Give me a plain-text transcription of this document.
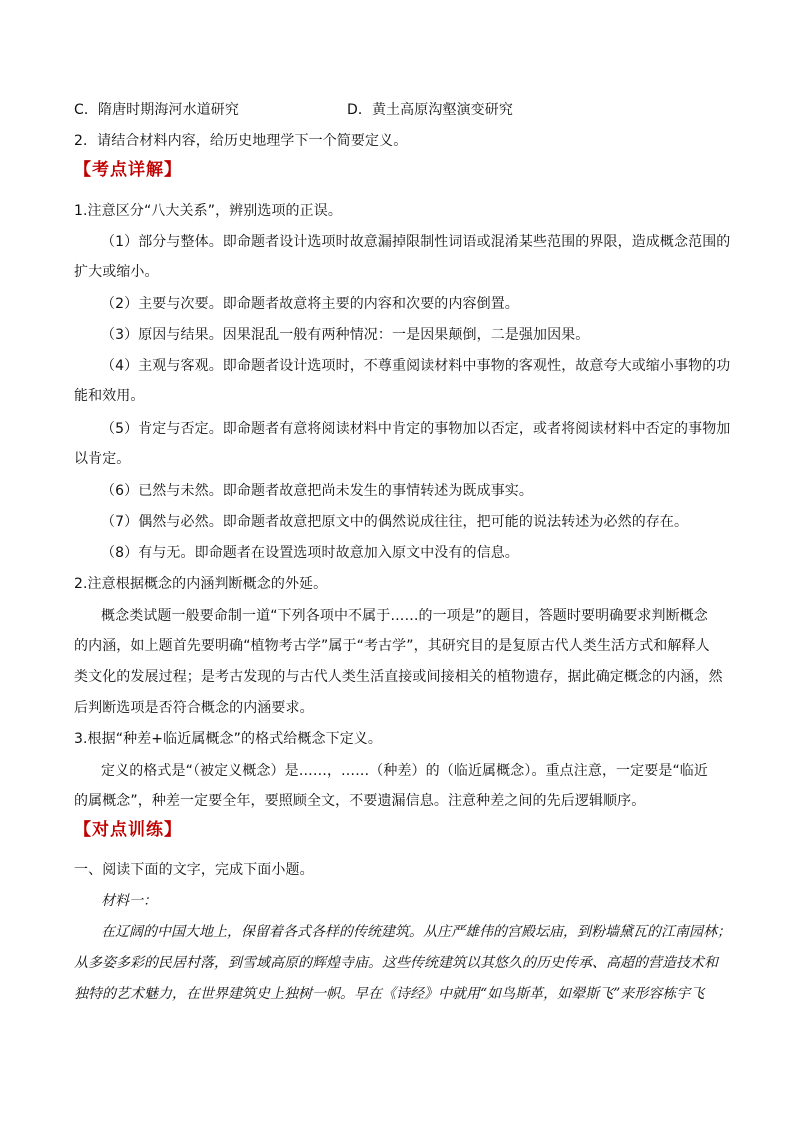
C．隋唐时期海河水道研究	D．黄土高原沟壑演变研究
2．请结合材料内容，给历史地理学下一个简要定义。
【考点详解】
1.注意区分“八大关系”，辨别选项的正误。
（1）部分与整体。即命题者设计选项时故意漏掉限制性词语或混淆某些范围的界限，造成概念范围的
扩大或缩小。
（2）主要与次要。即命题者故意将主要的内容和次要的内容倒置。
（3）原因与结果。因果混乱一般有两种情况：一是因果颠倒，二是强加因果。
（4）主观与客观。即命题者设计选项时，不尊重阅读材料中事物的客观性，故意夸大或缩小事物的功
能和效用。
（5）肯定与否定。即命题者有意将阅读材料中肯定的事物加以否定，或者将阅读材料中否定的事物加
以肯定。
（6）已然与未然。即命题者故意把尚未发生的事情转述为既成事实。
（7）偶然与必然。即命题者故意把原文中的偶然说成往往，把可能的说法转述为必然的存在。
（8）有与无。即命题者在设置选项时故意加入原文中没有的信息。
2.注意根据概念的内涵判断概念的外延。
概念类试题一般要命制一道“下列各项中不属于……的一项是”的题目，答题时要明确要求判断概念
的内涵，如上题首先要明确“植物考古学”属于“考古学”，其研究目的是复原古代人类生活方式和解释人
类文化的发展过程；是考古发现的与古代人类生活直接或间接相关的植物遗存，据此确定概念的内涵，然
后判断选项是否符合概念的内涵要求。
3.根据“种差+临近属概念”的格式给概念下定义。
定义的格式是“（被定义概念）是……，……（种差）的（临近属概念）。重点注意，一定要是“临近
的属概念”，种差一定要全年，要照顾全文，不要遗漏信息。注意种差之间的先后逻辑顺序。
【对点训练】
一、阅读下面的文字，完成下面小题。
材料一：
在辽阔的中国大地上，保留着各式各样的传统建筑。从庄严雄伟的宫殿坛庙，到粉墙黛瓦的江南园林；
从多姿多彩的民居村落，到雪域高原的辉煌寺庙。这些传统建筑以其悠久的历史传承、高超的营造技术和
独特的艺术魅力，在世界建筑史上独树一帜。早在《诗经》中就用“如鸟斯革，如翚斯飞”来形容栋宇飞
